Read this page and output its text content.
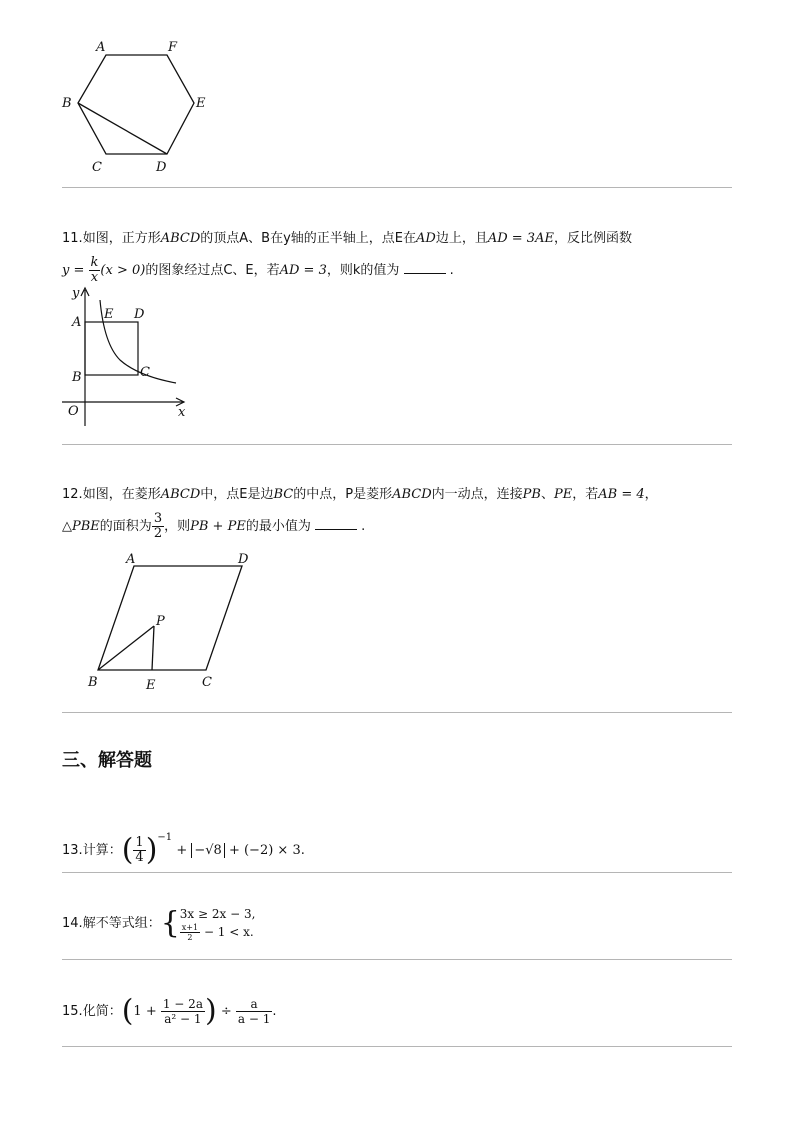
A	F
B	E
C	D
11.如图，正方形ABCD的顶点A、B在y轴的正半轴上，点E在AD边上，且AD = 3AE，反比例函数
$y = \frac{k}{x} (x > 0)$的图象经过点C、E，若AD = 3，则k的值为	.
y
A
E D
C
B
O	x
12.如图，在菱形ABCD中，点E是边BC的中点，P是菱形ABCD内一动点，连接PB、PE，若AB = 4，
△PBE的面积为 $\frac{3}{2}$ ，则PB + PE的最小值为	.
A	D
P
B	E	C
三、解答题
13.计算：( $\frac{1}{4} )^{-1} + -√8 + (-2) \times 3$.
14.解不等式组：{ 3x ≥ 2x − 3,
$\frac{x+1}{2} - 1 < x$.
15.化简：($1 + \frac{1 - 2a}{\text{a² − 1}}$ ) ÷ $\frac{a}{a - 1}$ .
